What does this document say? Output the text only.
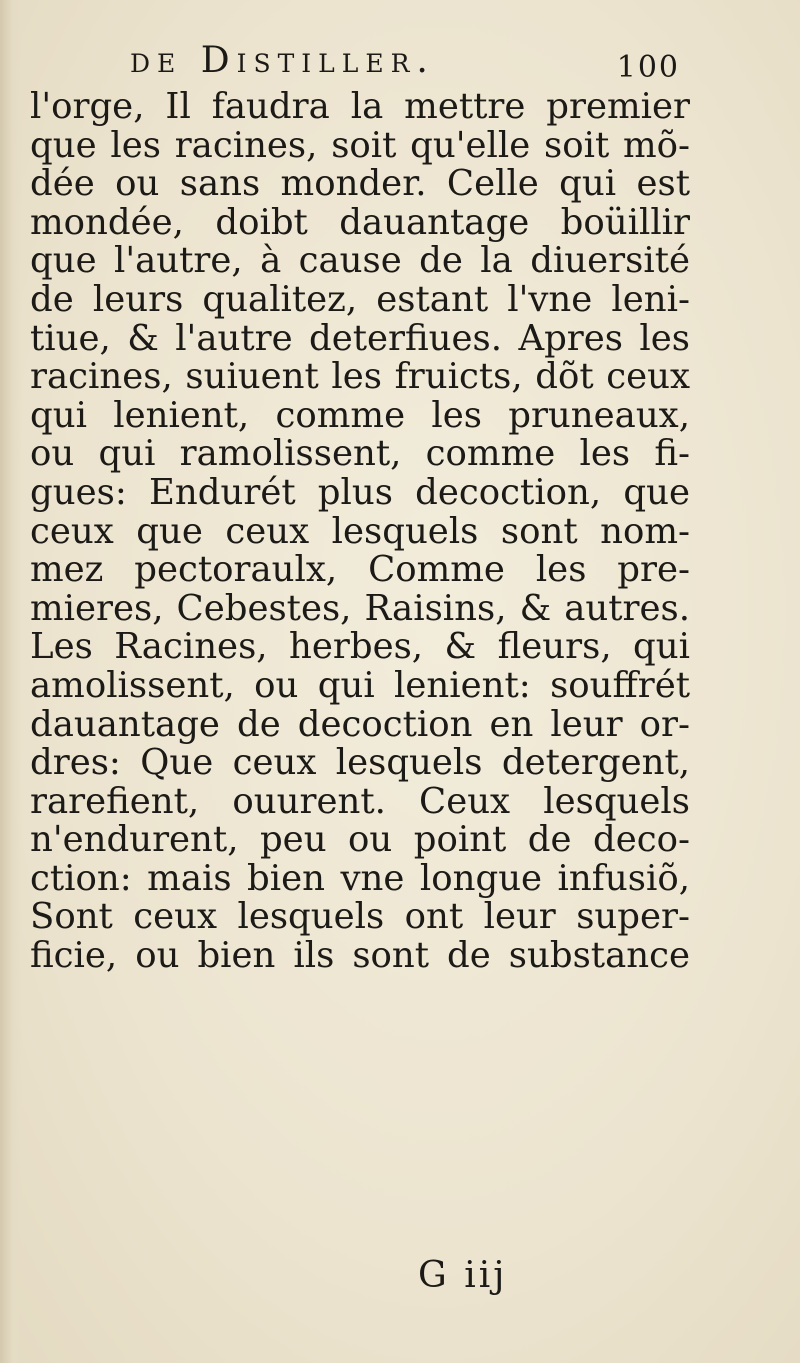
de Distiller.	100
l'orge, Il faudra la mettre premier
que les racines, soit qu'elle soit mõ-
dée ou sans monder. Celle qui est
mondée, doibt dauantage boüillir
que l'autre, à cause de la diuersité
de leurs qualitez, estant l'vne leni-
tiue, & l'autre deterfiues. Apres les
racines, suiuent les fruicts, dõt ceux
qui lenient, comme les pruneaux,
ou qui ramolissent, comme les fi-
gues: Endurét plus decoction, que
ceux que ceux lesquels sont nom-
mez pectoraulx, Comme les pre-
mieres, Cebestes, Raisins, & autres.
Les Racines, herbes, & fleurs, qui
amolissent, ou qui lenient: souffrét
dauantage de decoction en leur or-
dres: Que ceux lesquels detergent,
rarefient, ouurent. Ceux lesquels
n'endurent, peu ou point de deco-
ction: mais bien vne longue infusiõ,
Sont ceux lesquels ont leur super-
ficie, ou bien ils sont de substance
G iij
